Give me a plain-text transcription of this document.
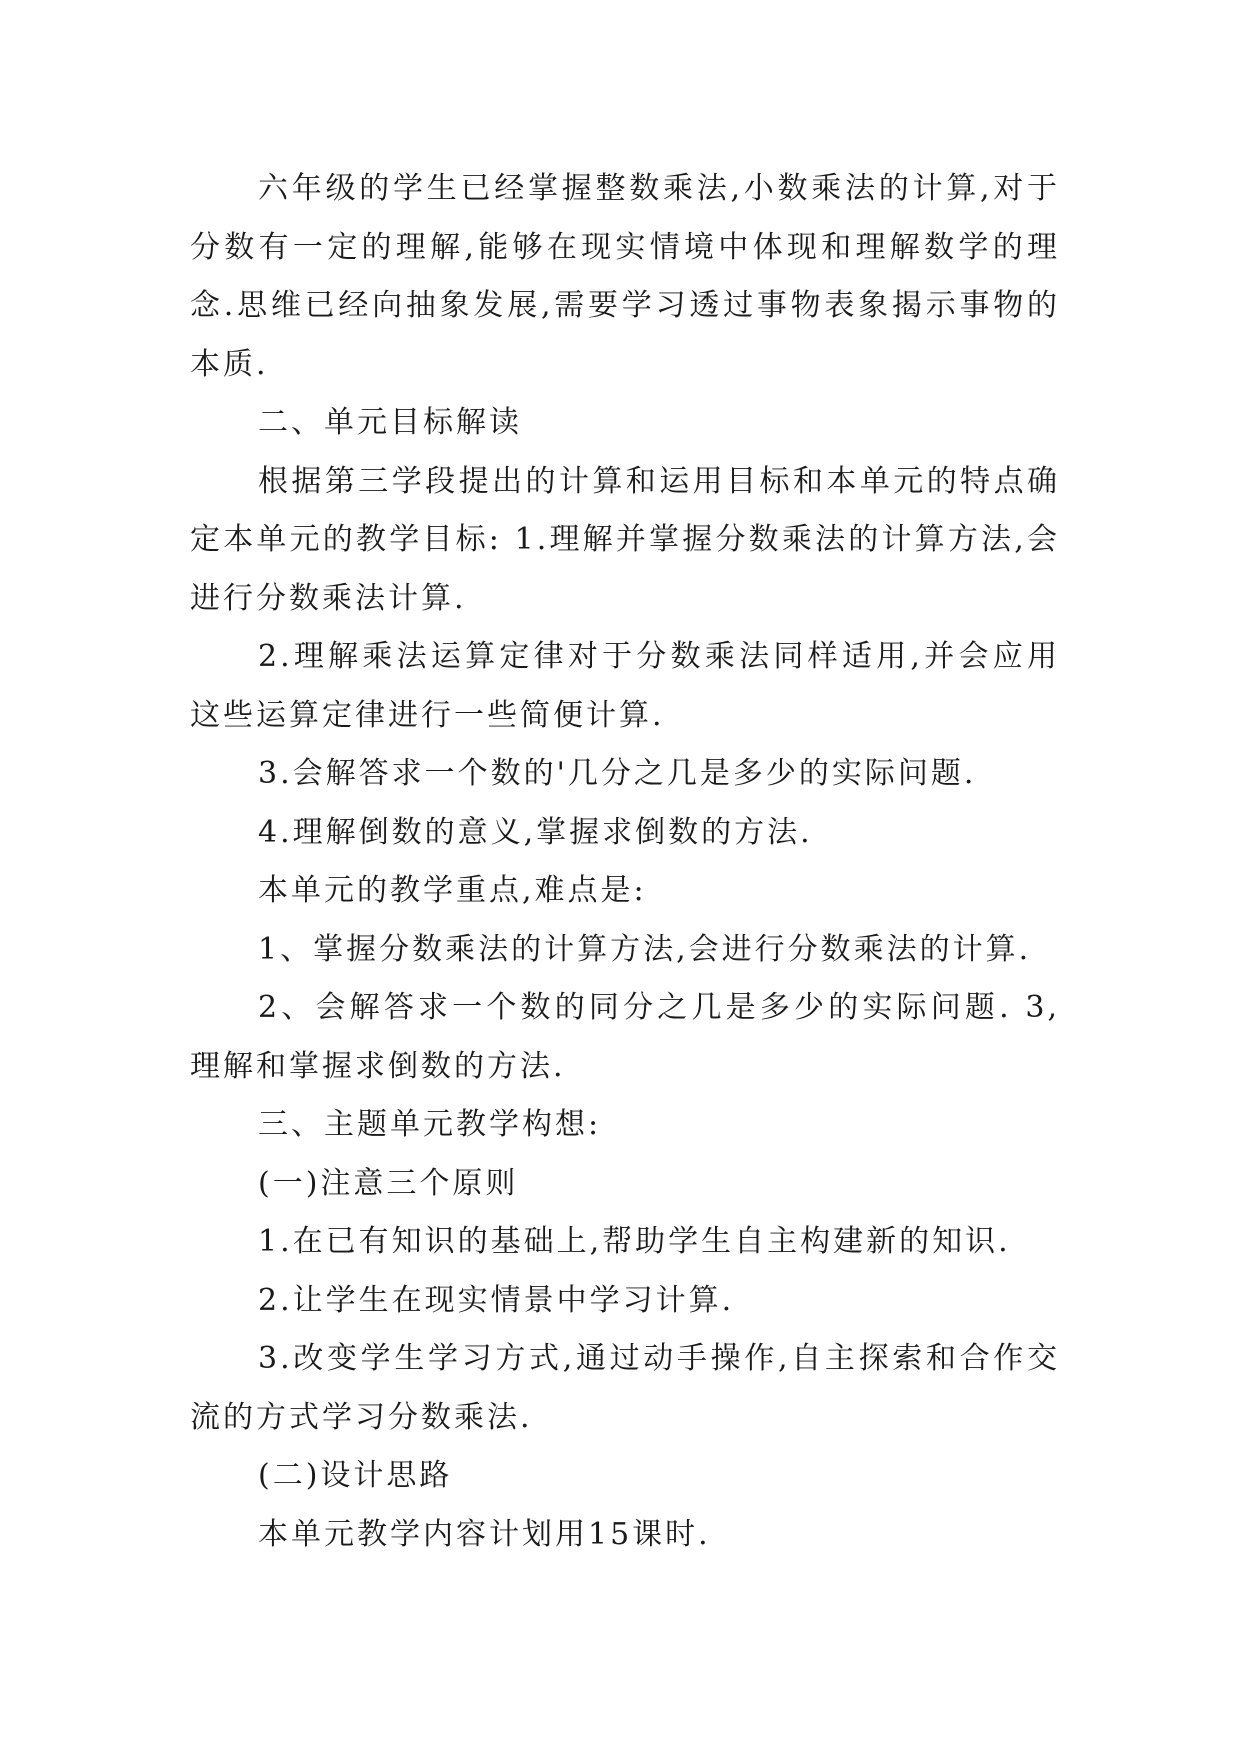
六年级的学生已经掌握整数乘法,小数乘法的计算,对于分数有一定的理解,能够在现实情境中体现和理解数学的理念.思维已经向抽象发展,需要学习透过事物表象揭示事物的本质.

二、单元目标解读

根据第三学段提出的计算和运用目标和本单元的特点确定本单元的教学目标: 1.理解并掌握分数乘法的计算方法,会进行分数乘法计算.

2.理解乘法运算定律对于分数乘法同样适用,并会应用这些运算定律进行一些简便计算.

3.会解答求一个数的'几分之几是多少的实际问题.

4.理解倒数的意义,掌握求倒数的方法.

本单元的教学重点,难点是:

1、掌握分数乘法的计算方法,会进行分数乘法的计算.

2、会解答求一个数的同分之几是多少的实际问题. 3,理解和掌握求倒数的方法.

三、主题单元教学构想:

(一)注意三个原则

1.在已有知识的基础上,帮助学生自主构建新的知识.

2.让学生在现实情景中学习计算.

3.改变学生学习方式,通过动手操作,自主探索和合作交流的方式学习分数乘法.

(二)设计思路

本单元教学内容计划用15课时.
